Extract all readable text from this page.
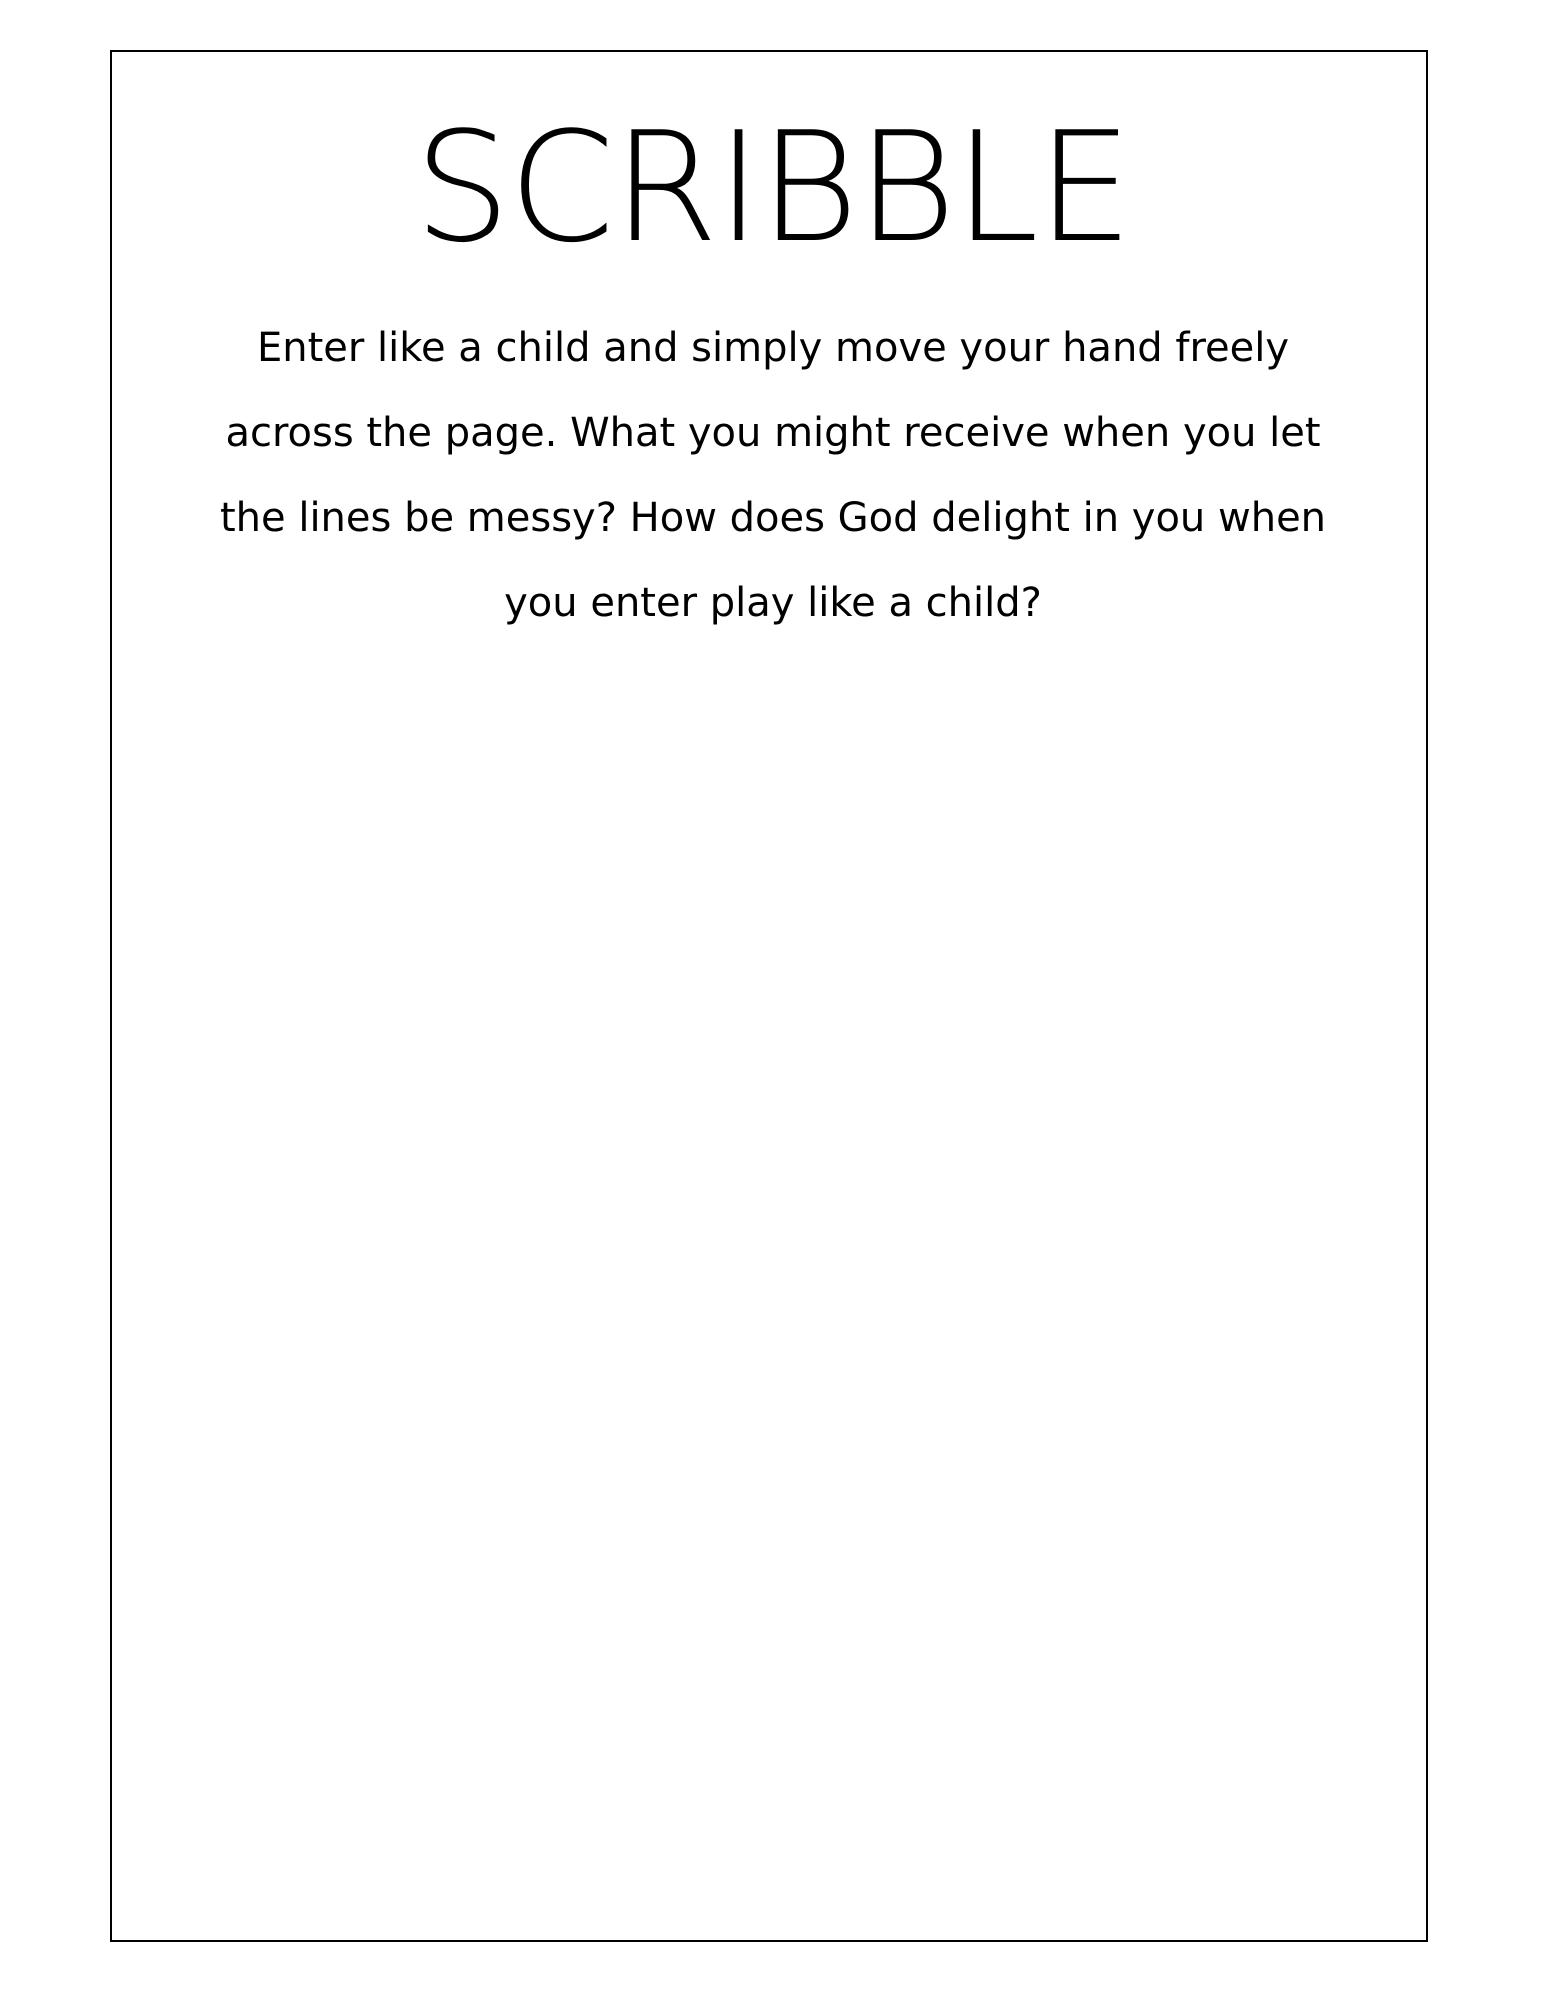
SCRIBBLE
Enter like a child and simply move your hand freely
across the page. What you might receive when you let
the lines be messy? How does God delight in you when
you enter play like a child?
